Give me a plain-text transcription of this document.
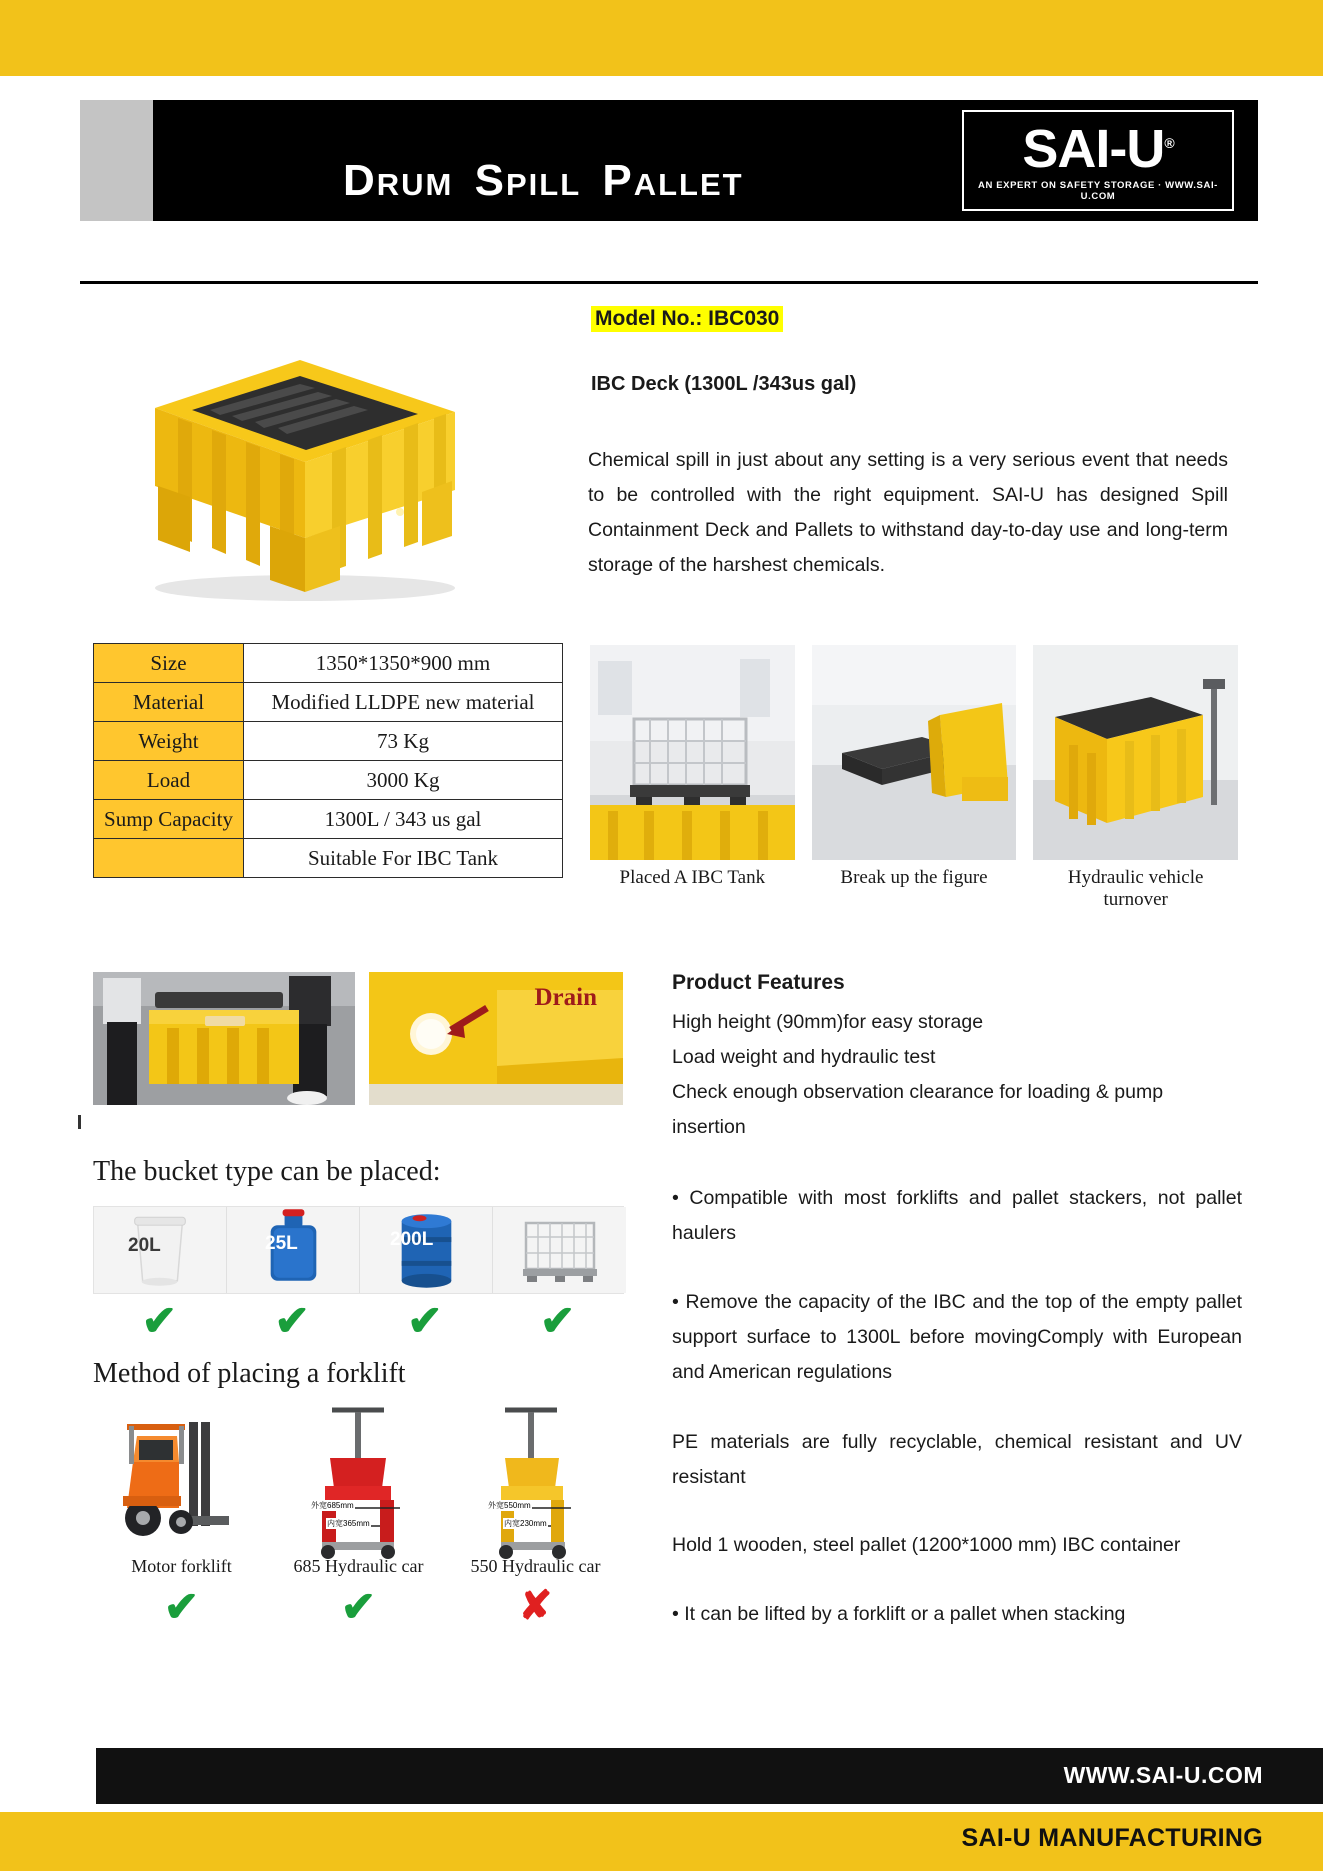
DRUM  SPILL  PALLET
SAI-U®
AN EXPERT ON SAFETY STORAGE · WWW.SAI-U.COM
Model No.: IBC030
IBC Deck (1300L /343us gal)
Chemical spill in just about any setting is a very serious event that needs to be controlled with the right equipment. SAI-U has designed Spill Containment Deck and Pallets to withstand day-to-day use and long-term storage of the harshest chemicals.
Size	1350*1350*900 mm
Material	Modified LLDPE new material
Weight	73 Kg
Load	3000 Kg
Sump Capacity	1300L / 343 us gal
	Suitable For IBC Tank
Placed A IBC Tank	Break up the figure	Hydraulic vehicle turnover
Drain
The bucket type can be placed:
20L	25L	200L
✔	✔	✔	✔
Method of placing a forklift
外宽685mm
内宽365mm
外宽550mm
内宽230mm
Motor forklift	685 Hydraulic car	550 Hydraulic car
✔	✔	✘
Product Features
High height (90mm)for easy storage
Load weight and hydraulic test
Check enough observation clearance for loading & pump insertion
• Compatible with most forklifts and pallet stackers, not pallet haulers
• Remove the capacity of the IBC and the top of the empty pallet support surface to 1300L before movingComply with European and American regulations
PE materials are fully recyclable, chemical resistant and UV resistant
Hold 1 wooden, steel pallet (1200*1000 mm) IBC container
• It can be lifted by a forklift or a pallet when stacking
WWW.SAI-U.COM
SAI-U MANUFACTURING
